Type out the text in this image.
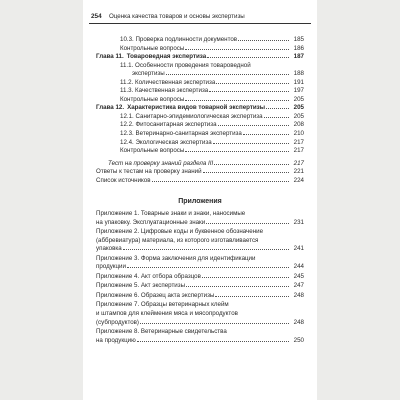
254 Оценка качества товаров и основы экспертизы
10.3. Проверка подлинности документов	185
Контрольные вопросы	186
Глава 11. Товароведная экспертиза	187
11.1. Особенности проведения товароведной
экспертизы	188
11.2. Количественная экспертиза	191
11.3. Качественная экспертиза	197
Контрольные вопросы	205
Глава 12. Характеристика видов товарной экспертизы	205
12.1. Санитарно-эпидемиологическая экспертиза	205
12.2. Фитосанитарная экспертиза	208
12.3. Ветеринарно-санитарная экспертиза	210
12.4. Экологическая экспертиза	217
Контрольные вопросы	217
Тест на проверку знаний раздела III	217
Ответы к тестам на проверку знаний	221
Список источников	224
Приложения
Приложение 1. Товарные знаки и знаки, наносимые
на упаковку. Эксплуатационные знаки	231
Приложение 2. Цифровые коды и буквенное обозначение
(аббревиатура) материала, из которого изготавливается
упаковка	241
Приложение 3. Форма заключения для идентификации
продукции	244
Приложение 4. Акт отбора образцов	245
Приложение 5. Акт экспертизы	247
Приложение 6. Образец акта экспертизы	248
Приложение 7. Образцы ветеринарных клейм
и штампов для клеймения мяса и мясопродуктов
(субпродуктов)	248
Приложение 8. Ветеринарные свидетельства
на продукцию	250
